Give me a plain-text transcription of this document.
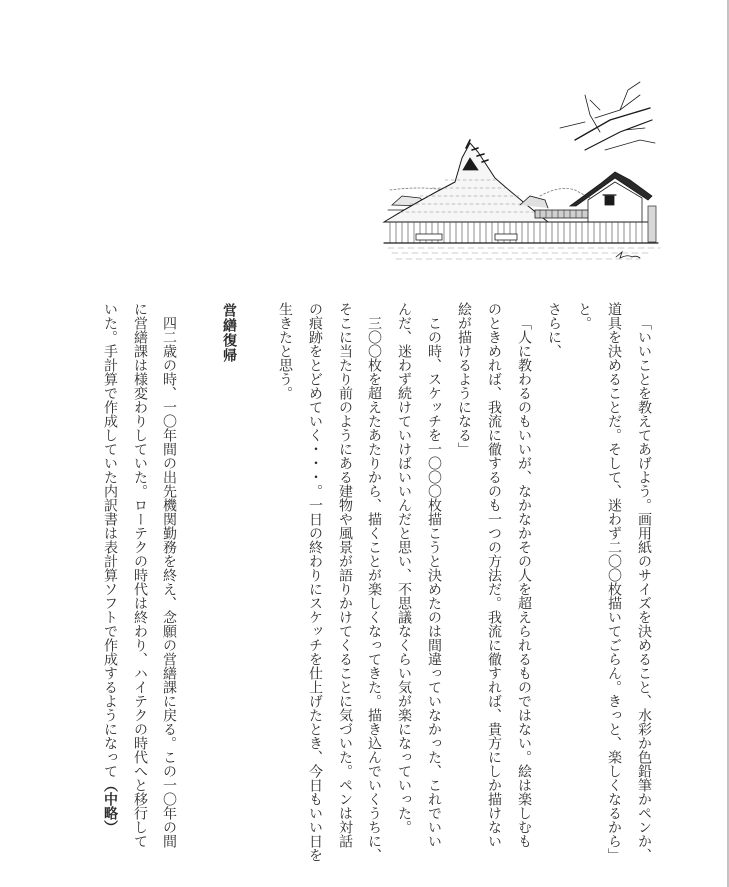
「いいことを教えてあげよう。画用紙のサイズを決めること、水彩か色鉛筆かペンか、
道具を決めることだ。そして、迷わず二〇〇枚描いてごらん。きっと、楽しくなるから」
と。
さらに、
「人に教わるのもいいが、なかなかその人を超えられるものではない。絵は楽しむも
のときめれば、我流に徹するのも一つの方法だ。我流に徹すれば、貴方にしか描けない
絵が描けるようになる」
この時、スケッチを一〇〇〇枚描こうと決めたのは間違っていなかった、これでいい
んだ、迷わず続けていけばいいんだと思い、不思議なくらい気が楽になっていった。
三〇〇枚を超えたあたりから、描くことが楽しくなってきた。描き込んでいくうちに、
そこに当たり前のようにある建物や風景が語りかけてくることに気づいた。ペンは対話
の痕跡をとどめていく・・・。一日の終わりにスケッチを仕上げたとき、今日もいい日を
生きたと思う。
営繕復帰
四二歳の時、一〇年間の出先機関勤務を終え、念願の営繕課に戻る。この一〇年の間
に営繕課は様変わりしていた。ローテクの時代は終わり、ハイテクの時代へと移行して
いた。手計算で作成していた内訳書は表計算ソフトで作成するようになって（中略）
